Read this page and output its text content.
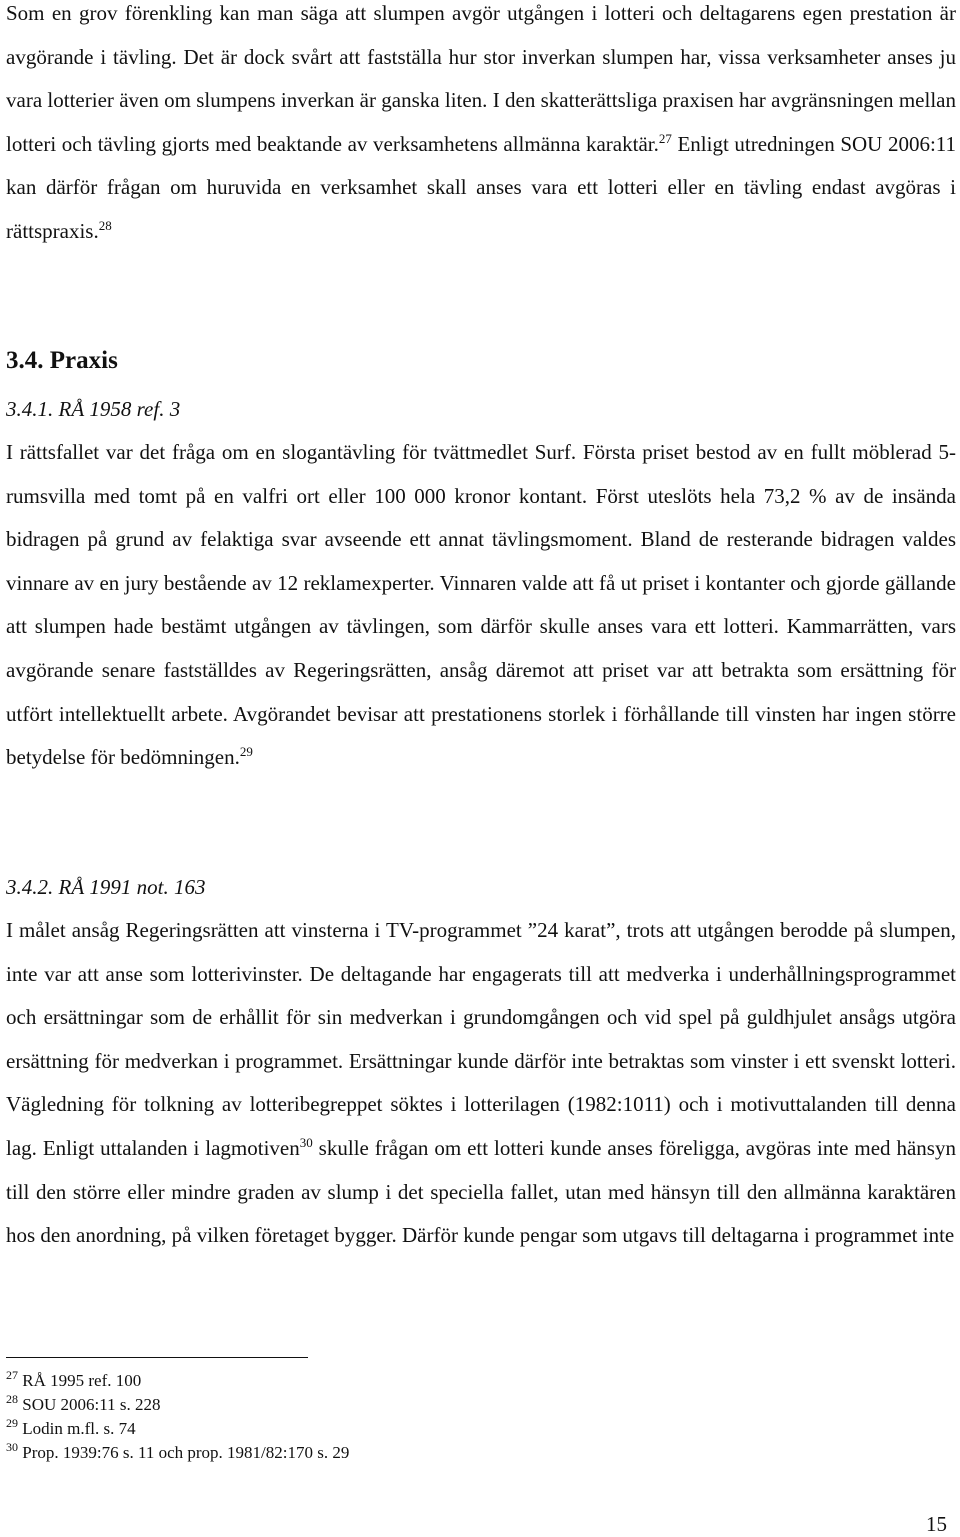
Som en grov förenkling kan man säga att slumpen avgör utgången i lotteri och deltagarens egen prestation är avgörande i tävling. Det är dock svårt att fastställa hur stor inverkan slumpen har, vissa verksamheter anses ju vara lotterier även om slumpens inverkan är ganska liten. I den skatterättsliga praxisen har avgränsningen mellan lotteri och tävling gjorts med beaktande av verksamhetens allmänna karaktär.$^{27}$ Enligt utredningen SOU 2006:11 kan därför frågan om huruvida en verksamhet skall anses vara ett lotteri eller en tävling endast avgöras i rättspraxis.$^{28}$

3.4. Praxis
3.4.1. RÅ 1958 ref. 3

I rättsfallet var det fråga om en slogantävling för tvättmedlet Surf. Första priset bestod av en fullt möblerad 5-rumsvilla med tomt på en valfri ort eller 100 000 kronor kontant. Först uteslöts hela 73,2 % av de insända bidragen på grund av felaktiga svar avseende ett annat tävlingsmoment. Bland de resterande bidragen valdes vinnare av en jury bestående av 12 reklamexperter. Vinnaren valde att få ut priset i kontanter och gjorde gällande att slumpen hade bestämt utgången av tävlingen, som därför skulle anses vara ett lotteri. Kammarrätten, vars avgörande senare fastställdes av Regeringsrätten, ansåg däremot att priset var att betrakta som ersättning för utfört intellektuellt arbete. Avgörandet bevisar att prestationens storlek i förhållande till vinsten har ingen större betydelse för bedömningen.$^{29}$

3.4.2. RÅ 1991 not. 163

I målet ansåg Regeringsrätten att vinsterna i TV-programmet ”24 karat”, trots att utgången berodde på slumpen, inte var att anse som lotterivinster. De deltagande har engagerats till att medverka i underhållningsprogrammet och ersättningar som de erhållit för sin medverkan i grundomgången och vid spel på guldhjulet ansågs utgöra ersättning för medverkan i programmet. Ersättningar kunde därför inte betraktas som vinster i ett svenskt lotteri. Vägledning för tolkning av lotteribegreppet söktes i lotterilagen (1982:1011) och i motivuttalanden till denna lag. Enligt uttalanden i lagmotiven$^{30}$ skulle frågan om ett lotteri kunde anses föreligga, avgöras inte med hänsyn till den större eller mindre graden av slump i det speciella fallet, utan med hänsyn till den allmänna karaktären hos den anordning, på vilken företaget bygger. Därför kunde pengar som utgavs till deltagarna i programmet inte

$^{27}$ RÅ 1995 ref. 100

$^{28}$ SOU 2006:11 s. 228

$^{29}$ Lodin m.fl. s. 74

$^{30}$ Prop. 1939:76 s. 11 och prop. 1981/82:170 s. 29

15
